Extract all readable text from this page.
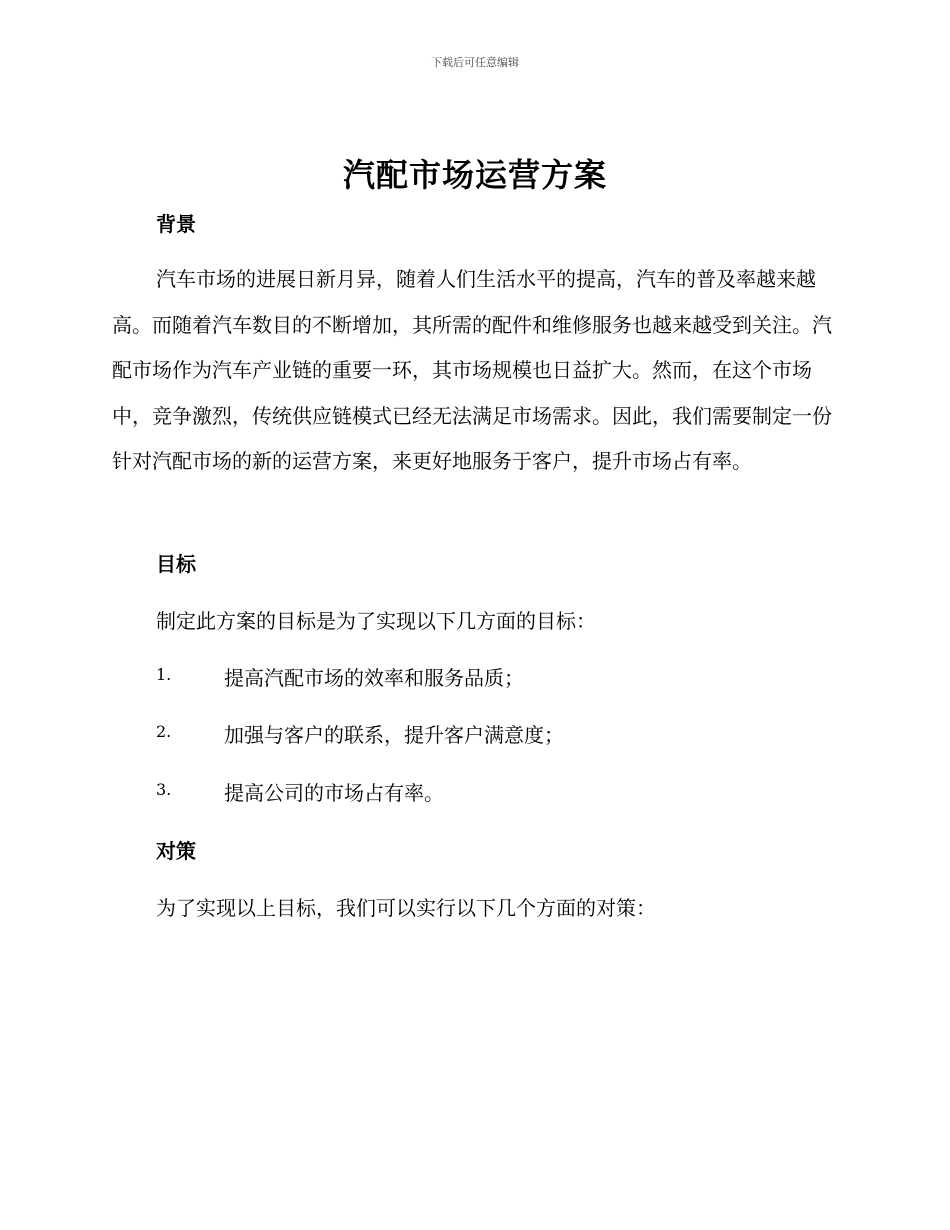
下载后可任意编辑
汽配市场运营方案
背景
汽车市场的进展日新月异，随着人们生活水平的提高，汽车的普及率越来越高。而随着汽车数目的不断增加，其所需的配件和维修服务也越来越受到关注。汽配市场作为汽车产业链的重要一环，其市场规模也日益扩大。然而，在这个市场中，竞争激烈，传统供应链模式已经无法满足市场需求。因此，我们需要制定一份针对汽配市场的新的运营方案，来更好地服务于客户，提升市场占有率。
目标
制定此方案的目标是为了实现以下几方面的目标：
1.	提高汽配市场的效率和服务品质；
2.	加强与客户的联系，提升客户满意度；
3.	提高公司的市场占有率。
对策
为了实现以上目标，我们可以实行以下几个方面的对策：
